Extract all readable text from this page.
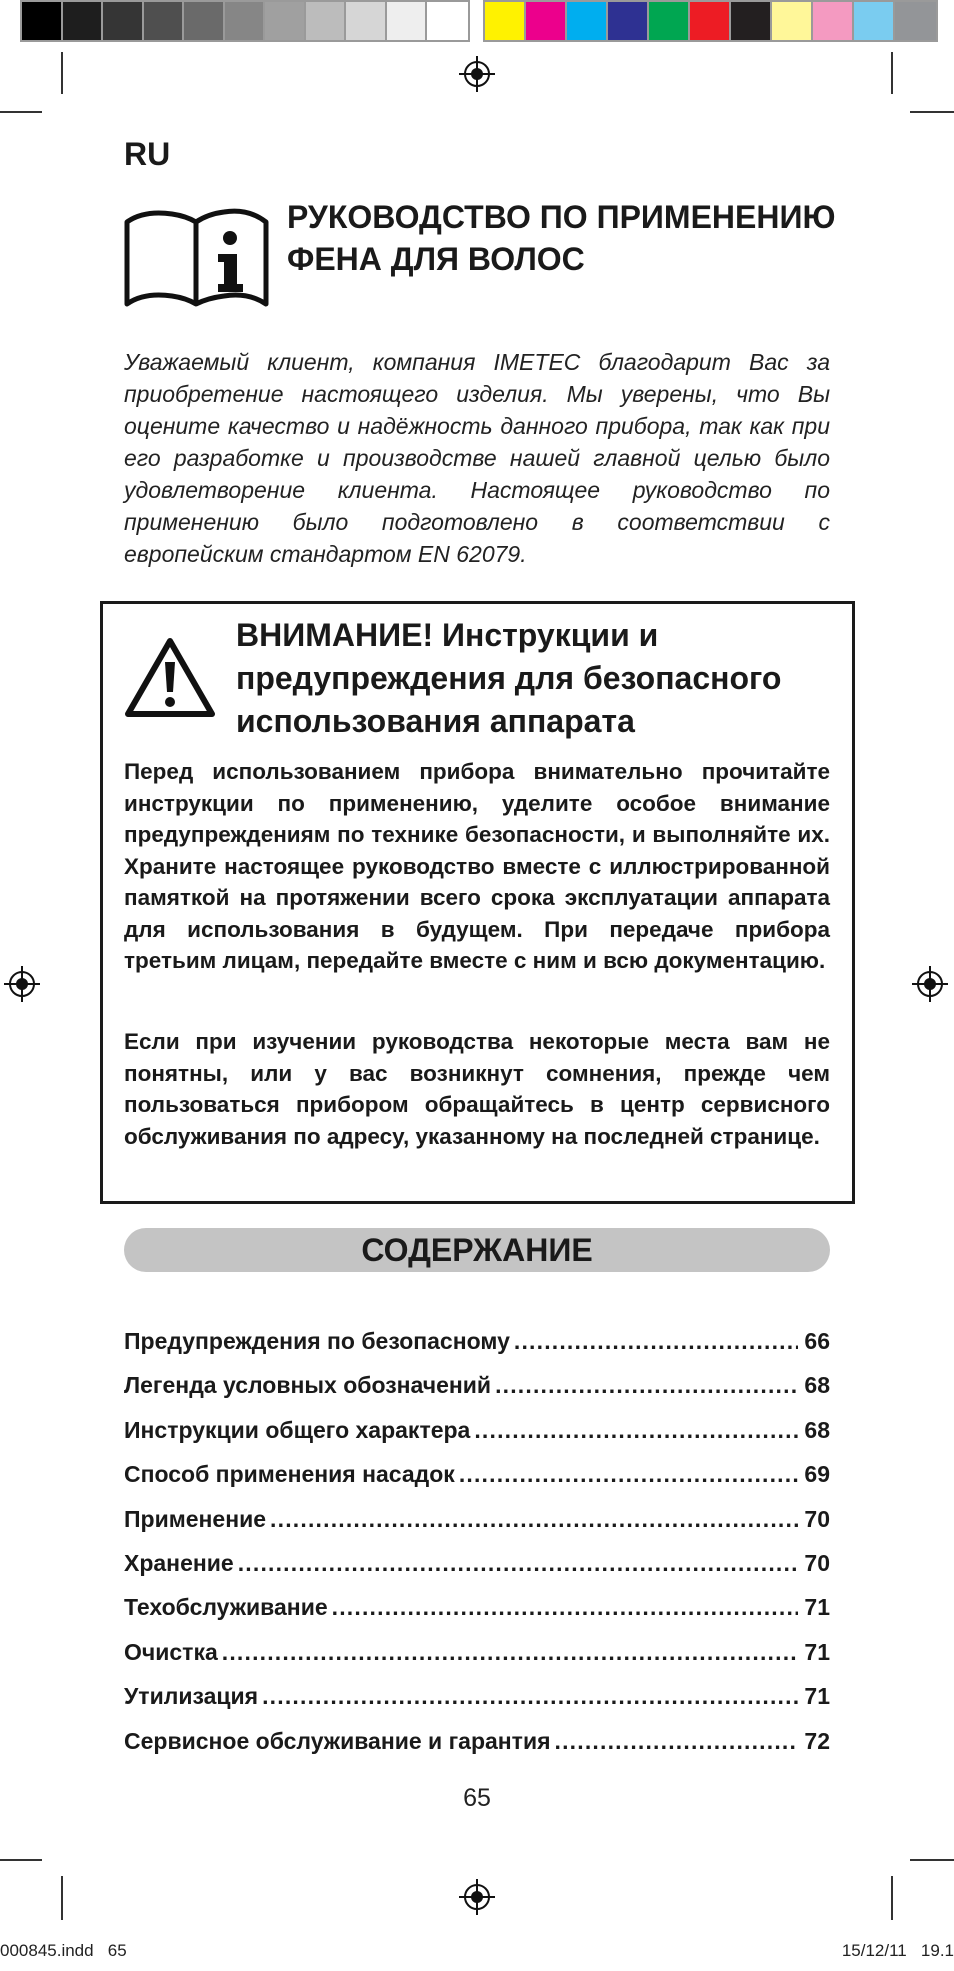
RU
РУКОВОДСТВО ПО ПРИМЕНЕНИЮ ФЕНА ДЛЯ ВОЛОС

Уважаемый клиент, компания IMETEC благодарит Вас за приобретение настоящего изделия. Мы уверены, что Вы оцените качество и надёжность данного прибора, так как при его разработке и производстве нашей главной целью было удовлетворение клиента. Настоящее руководство по применению было подготовлено в соответствии с европейским стандартом EN 62079.

ВНИМАНИЕ! Инструкции и предупреждения для безопасного использования аппарата

Перед использованием прибора внимательно прочитайте инструкции по применению, уделите особое внимание предупреждениям по технике безопасности, и выполняйте их. Храните настоящее руководство вместе с иллюстрированной памяткой на протяжении всего срока эксплуатации аппарата для использования в будущем. При передаче прибора третьим лицам, передайте вместе с ним и всю документацию.

Если при изучении руководства некоторые места вам не понятны, или у вас возникнут сомнения, прежде чем пользоваться прибором обращайтесь в центр сервисного обслуживания по адресу, указанному на последней странице.

СОДЕРЖАНИЕ
Предупреждения по безопасному . . .	66
Легенда условных обозначений . . .	68
Инструкции общего характера . . .	68
Способ применения насадок . . .	69
Применение . . .	70
Хранение . . .	70
Техобслуживание . . .	71
Очистка . . .	71
Утилизация . . .	71
Сервисное обслуживание и гарантия . . .	72

65

000845.indd   65	15/12/11   19.1
